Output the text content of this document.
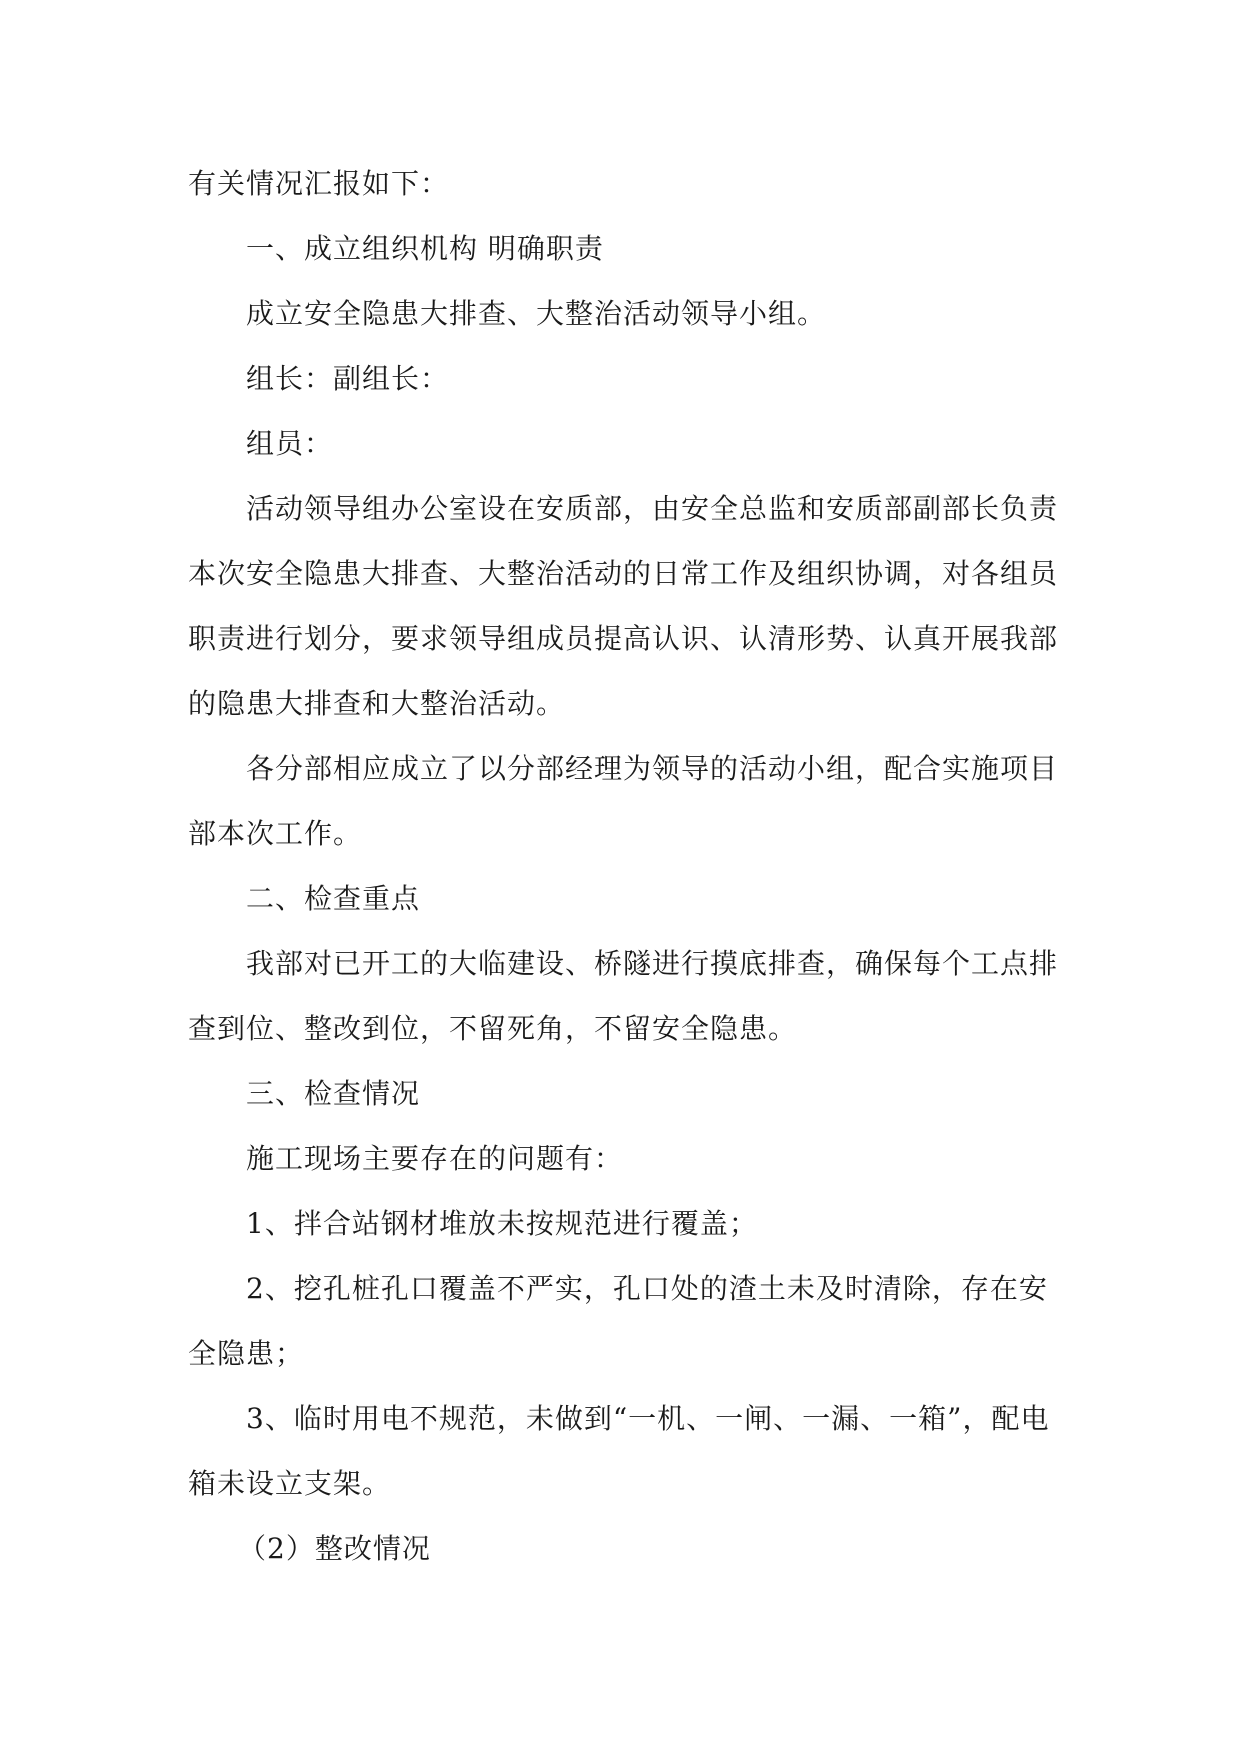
有关情况汇报如下：
一、成立组织机构 明确职责
成立安全隐患大排查、大整治活动领导小组。
组长：副组长：
组员：
活动领导组办公室设在安质部，由安全总监和安质部副部长负责
本次安全隐患大排查、大整治活动的日常工作及组织协调，对各组员
职责进行划分，要求领导组成员提高认识、认清形势、认真开展我部
的隐患大排查和大整治活动。
各分部相应成立了以分部经理为领导的活动小组，配合实施项目
部本次工作。
二、检查重点
我部对已开工的大临建设、桥隧进行摸底排查，确保每个工点排
查到位、整改到位，不留死角，不留安全隐患。
三、检查情况
施工现场主要存在的问题有：
1、拌合站钢材堆放未按规范进行覆盖；
2、挖孔桩孔口覆盖不严实，孔口处的渣土未及时清除，存在安
全隐患；
3、临时用电不规范，未做到“一机、一闸、一漏、一箱”，配电
箱未设立支架。
（2）整改情况
